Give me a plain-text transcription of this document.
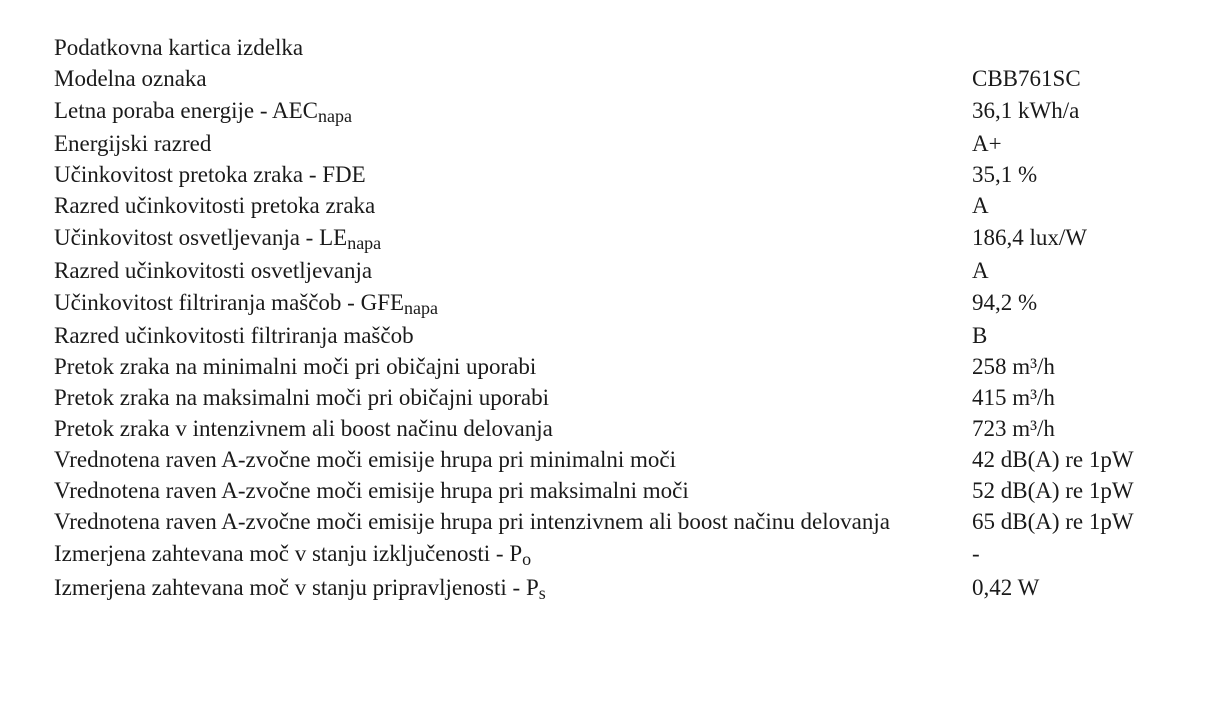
Podatkovna kartica izdelka
Modelna oznaka	CBB761SC
Letna poraba energije - $AEC_{napa}$	36,1 kWh/a
Energijski razred	A+
Učinkovitost pretoka zraka - FDE	35,1 %
Razred učinkovitosti pretoka zraka	A
Učinkovitost osvetljevanja - $LE_{napa}$	186,4 lux/W
Razred učinkovitosti osvetljevanja	A
Učinkovitost filtriranja maščob - $GFE_{napa}$	94,2 %
Razred učinkovitosti filtriranja maščob	B
Pretok zraka na minimalni moči pri običajni uporabi	258 m³/h
Pretok zraka na maksimalni moči pri običajni uporabi	415 m³/h
Pretok zraka v intenzivnem ali boost načinu delovanja	723 m³/h
Vrednotena raven A-zvočne moči emisije hrupa pri minimalni moči	42 dB(A) re 1pW
Vrednotena raven A-zvočne moči emisije hrupa pri maksimalni moči	52 dB(A) re 1pW
Vrednotena raven A-zvočne moči emisije hrupa pri intenzivnem ali boost načinu delovanja	65 dB(A) re 1pW
Izmerjena zahtevana moč v stanju izključenosti - $P_o$	-
Izmerjena zahtevana moč v stanju pripravljenosti - $P_s$	0,42 W
